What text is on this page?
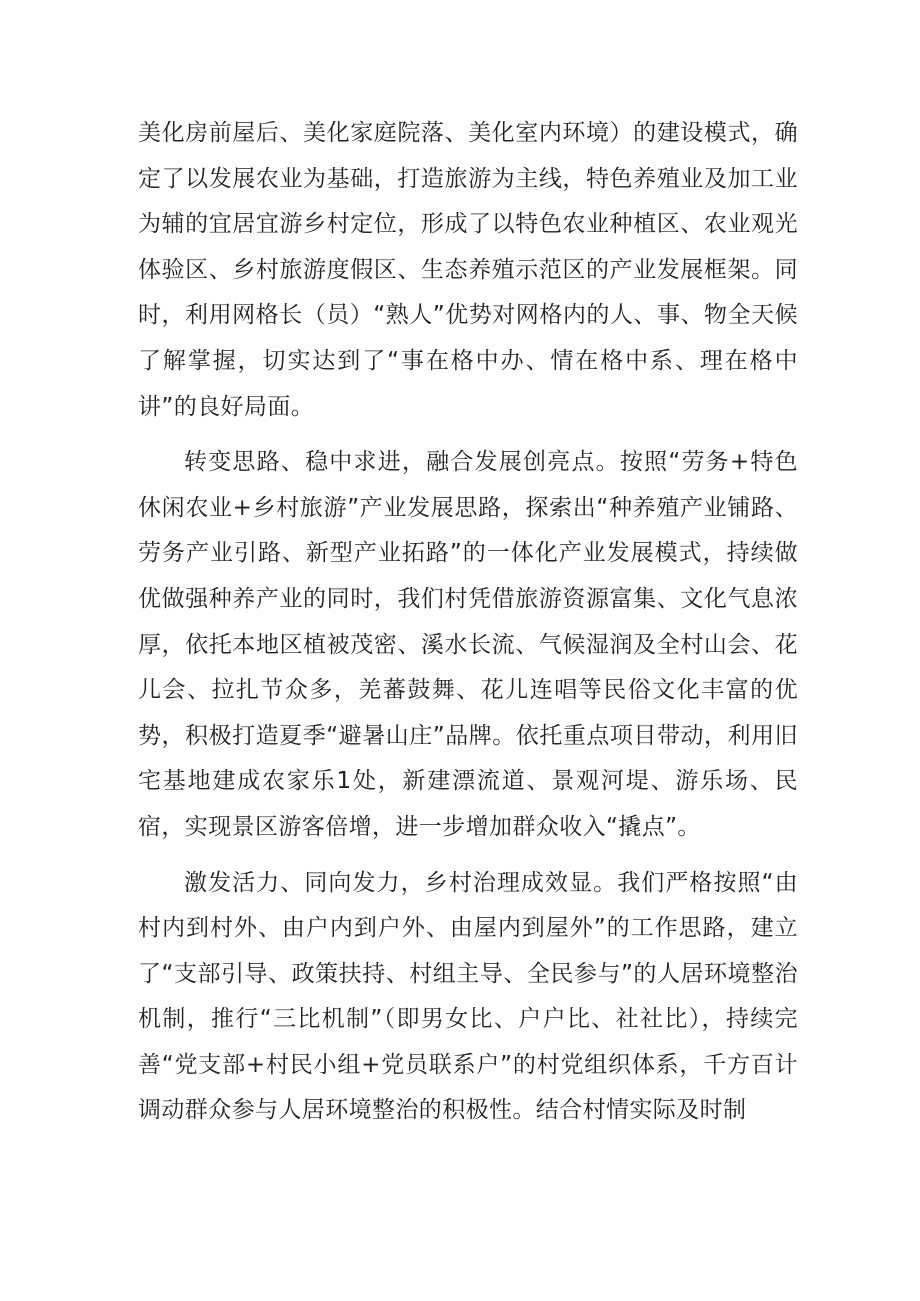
美化房前屋后、美化家庭院落、美化室内环境）的建设模式，确定了以发展农业为基础，打造旅游为主线，特色养殖业及加工业为辅的宜居宜游乡村定位，形成了以特色农业种植区、农业观光体验区、乡村旅游度假区、生态养殖示范区的产业发展框架。同时，利用网格长（员）“熟人”优势对网格内的人、事、物全天候了解掌握，切实达到了“事在格中办、情在格中系、理在格中讲”的良好局面。

转变思路、稳中求进，融合发展创亮点。按照“劳务+特色休闲农业+乡村旅游”产业发展思路，探索出“种养殖产业铺路、劳务产业引路、新型产业拓路”的一体化产业发展模式，持续做优做强种养产业的同时，我们村凭借旅游资源富集、文化气息浓厚，依托本地区植被茂密、溪水长流、气候湿润及全村山会、花儿会、拉扎节众多，羌蕃鼓舞、花儿连唱等民俗文化丰富的优势，积极打造夏季“避暑山庄”品牌。依托重点项目带动，利用旧宅基地建成农家乐1处，新建漂流道、景观河堤、游乐场、民宿，实现景区游客倍增，进一步增加群众收入“撬点”。

激发活力、同向发力，乡村治理成效显。我们严格按照“由村内到村外、由户内到户外、由屋内到屋外”的工作思路，建立了“支部引导、政策扶持、村组主导、全民参与”的人居环境整治机制，推行“三比机制”（即男女比、户户比、社社比），持续完善“党支部+村民小组+党员联系户”的村党组织体系，千方百计调动群众参与人居环境整治的积极性。结合村情实际及时制
